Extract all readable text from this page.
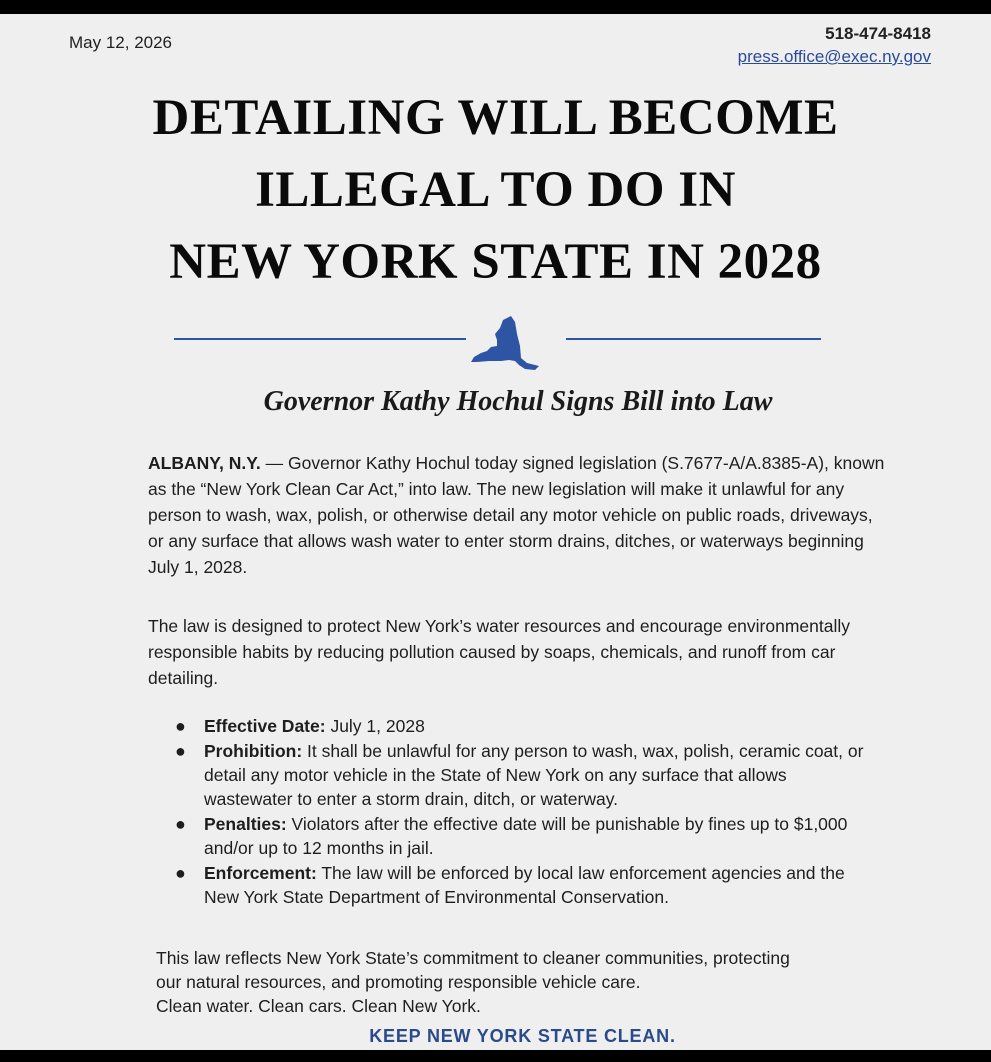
May 12, 2026	518-474-8418
press.office@exec.ny.gov
DETAILING WILL BECOME
ILLEGAL TO DO IN
NEW YORK STATE IN 2028
Governor Kathy Hochul Signs Bill into Law
ALBANY, N.Y. — Governor Kathy Hochul today signed legislation (S.7677-A/A.8385-A), known as the “New York Clean Car Act,” into law. The new legislation will make it unlawful for any person to wash, wax, polish, or otherwise detail any motor vehicle on public roads, driveways, or any surface that allows wash water to enter storm drains, ditches, or waterways beginning July 1, 2028.
The law is designed to protect New York’s water resources and encourage environmentally responsible habits by reducing pollution caused by soaps, chemicals, and runoff from car detailing.
● Effective Date: July 1, 2028
● Prohibition: It shall be unlawful for any person to wash, wax, polish, ceramic coat, or detail any motor vehicle in the State of New York on any surface that allows wastewater to enter a storm drain, ditch, or waterway.
● Penalties: Violators after the effective date will be punishable by fines up to $1,000 and/or up to 12 months in jail.
● Enforcement: The law will be enforced by local law enforcement agencies and the New York State Department of Environmental Conservation.
This law reflects New York State’s commitment to cleaner communities, protecting
our natural resources, and promoting responsible vehicle care.
Clean water. Clean cars. Clean New York.
KEEP NEW YORK STATE CLEAN.
